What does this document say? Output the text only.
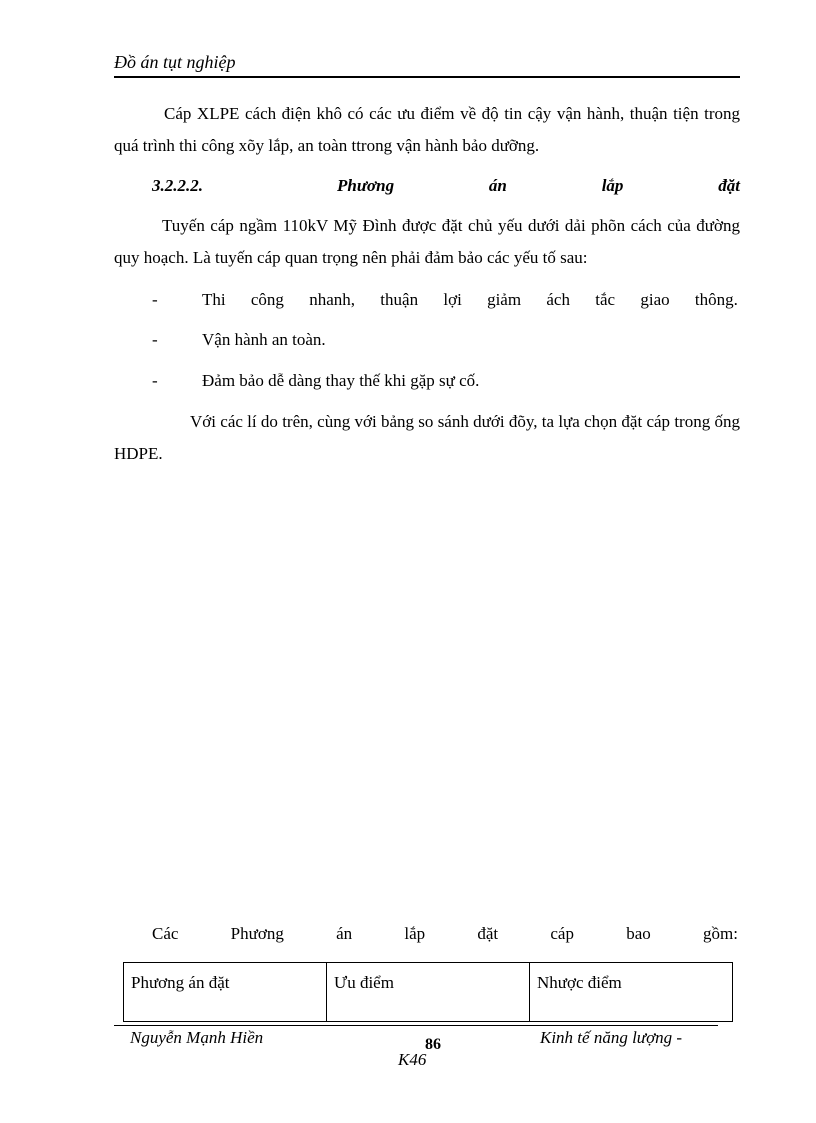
Đồ án tụt nghiệp
Cáp XLPE cách điện khô có các ưu điểm về độ tin cậy vận hành, thuận tiện trong quá trình thi công xõy lắp, an toàn ttrong vận hành bảo dưỡng.
3.2.2.2.	Phương	án	lắp	đặt
Tuyến cáp ngầm 110kV Mỹ Đình được đặt chủ yếu dưới dải phõn cách của đường quy hoạch. Là tuyến cáp quan trọng nên phải đảm bảo các yếu tố sau:
-	Thi công nhanh, thuận lợi giảm ách tắc giao thông.
-	Vận hành an toàn.
-	Đảm bảo dễ dàng thay thế khi gặp sự cố.
Với các lí do trên, cùng với bảng so sánh dưới đõy, ta lựa chọn đặt cáp trong ống HDPE.
Các	Phương	án	lắp	đặt	cáp	bao	gồm:
Phương án đặt	Ưu điểm	Nhược điểm
Nguyễn Mạnh Hiền	86	Kinh tế năng lượng -
K46
